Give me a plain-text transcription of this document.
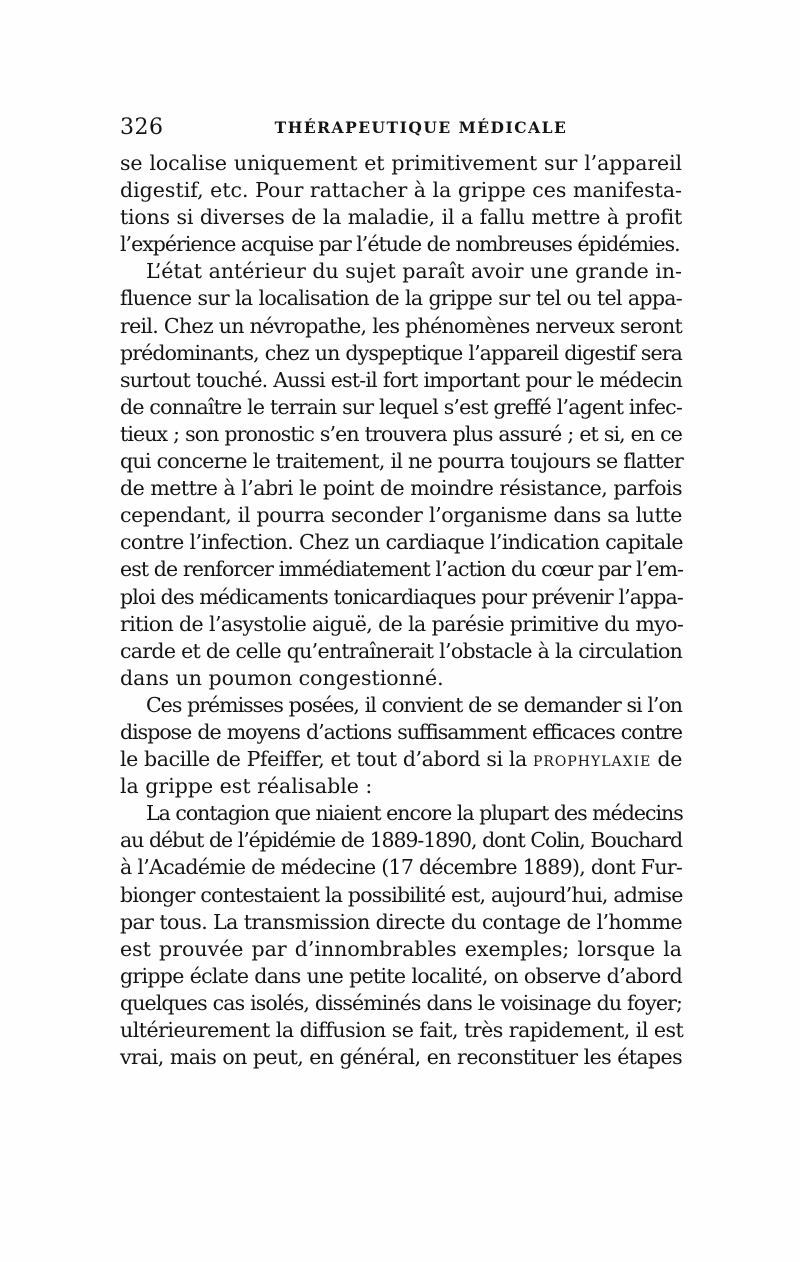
326	THÉRAPEUTIQUE MÉDICALE
se localise uniquement et primitivement sur l’appareil
digestif, etc. Pour rattacher à la grippe ces manifesta-
tions si diverses de la maladie, il a fallu mettre à profit
l’expérience acquise par l’étude de nombreuses épidémies.
L’état antérieur du sujet paraît avoir une grande in-
fluence sur la localisation de la grippe sur tel ou tel appa-
reil. Chez un névropathe, les phénomènes nerveux seront
prédominants, chez un dyspeptique l’appareil digestif sera
surtout touché. Aussi est-il fort important pour le médecin
de connaître le terrain sur lequel s’est greffé l’agent infec-
tieux ; son pronostic s’en trouvera plus assuré ; et si, en ce
qui concerne le traitement, il ne pourra toujours se flatter
de mettre à l’abri le point de moindre résistance, parfois
cependant, il pourra seconder l’organisme dans sa lutte
contre l’infection. Chez un cardiaque l’indication capitale
est de renforcer immédiatement l’action du cœur par l’em-
ploi des médicaments tonicardiaques pour prévenir l’appa-
rition de l’asystolie aiguë, de la parésie primitive du myo-
carde et de celle qu’entraînerait l’obstacle à la circulation
dans un poumon congestionné.
Ces prémisses posées, il convient de se demander si l’on
dispose de moyens d’actions suffisamment efficaces contre
le bacille de Pfeiffer, et tout d’abord si la PROPHYLAXIE de
la grippe est réalisable :
La contagion que niaient encore la plupart des médecins
au début de l’épidémie de 1889-1890, dont Colin, Bouchard
à l’Académie de médecine (17 décembre 1889), dont Fur-
bionger contestaient la possibilité est, aujourd’hui, admise
par tous. La transmission directe du contage de l’homme
est prouvée par d’innombrables exemples; lorsque la
grippe éclate dans une petite localité, on observe d’abord
quelques cas isolés, disséminés dans le voisinage du foyer;
ultérieurement la diffusion se fait, très rapidement, il est
vrai, mais on peut, en général, en reconstituer les étapes
